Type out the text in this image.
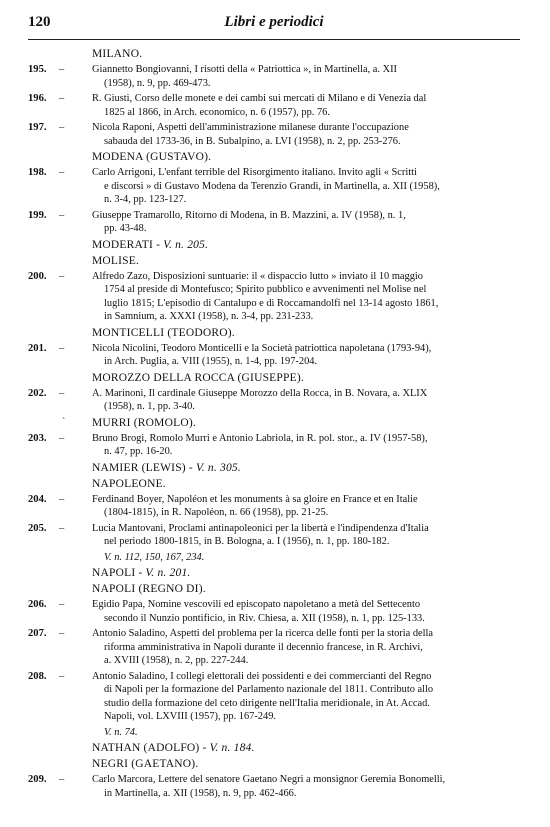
120	Libri e periodici
MILANO.
195. –	Giannetto Bongiovanni, I risotti della « Patriottica », in Martinella, a. XII
(1958), n. 9, pp. 469-473.
196. –	R. Giusti, Corso delle monete e dei cambi sui mercati di Milano e di Venezia dal
1825 al 1866, in Arch. economico, n. 6 (1957), pp. 76.
197. –	Nicola Raponi, Aspetti dell'amministrazione milanese durante l'occupazione
sabauda del 1733-36, in B. Subalpino, a. LVI (1958), n. 2, pp. 253-276.
MODENA (GUSTAVO).
198. –	Carlo Arrigoni, L'enfant terrible del Risorgimento italiano. Invito agli « Scritti
e discorsi » di Gustavo Modena da Terenzio Grandi, in Martinella, a. XII (1958),
n. 3-4, pp. 123-127.
199. –	Giuseppe Tramarollo, Ritorno di Modena, in B. Mazzini, a. IV (1958), n. 1,
pp. 43-48.
MODERATI - V. n. 205.
MOLISE.
200. –	Alfredo Zazo, Disposizioni suntuarie: il « dispaccio lutto » inviato il 10 maggio
1754 al preside di Montefusco; Spirito pubblico e avvenimenti nel Molise nel
luglio 1815; L'episodio di Cantalupo e di Roccamandolfi nel 13-14 agosto 1861,
in Samnium, a. XXXI (1958), n. 3-4, pp. 231-233.
MONTICELLI (TEODORO).
201. –	Nicola Nicolini, Teodoro Monticelli e la Società patriottica napoletana (1793-94),
in Arch. Puglia, a. VIII (1955), n. 1-4, pp. 197-204.
MOROZZO DELLA ROCCA (GIUSEPPE).
202. –	A. Marinoni, Il cardinale Giuseppe Morozzo della Rocca, in B. Novara, a. XLIX
(1958), n. 1, pp. 3-40.
` MURRI (ROMOLO).
203. –	Bruno Brogi, Romolo Murri e Antonio Labriola, in R. pol. stor., a. IV (1957-58),
n. 47, pp. 16-20.
NAMIER (LEWIS) - V. n. 305.
NAPOLEONE.
204. –	Ferdinand Boyer, Napoléon et les monuments à sa gloire en France et en Italie
(1804-1815), in R. Napoléon, n. 66 (1958), pp. 21-25.
205. –	Lucia Mantovani, Proclami antinapoleonici per la libertà e l'indipendenza d'Italia
nel periodo 1800-1815, in B. Bologna, a. I (1956), n. 1, pp. 180-182.
V. n. 112, 150, 167, 234.
NAPOLI - V. n. 201.
NAPOLI (REGNO DI).
206. –	Egidio Papa, Nomine vescovili ed episcopato napoletano a metà del Settecento
secondo il Nunzio pontificio, in Riv. Chiesa, a. XII (1958), n. 1, pp. 125-133.
207. –	Antonio Saladino, Aspetti del problema per la ricerca delle fonti per la storia della
riforma amministrativa in Napoli durante il decennio francese, in R. Archivi,
a. XVIII (1958), n. 2, pp. 227-244.
208. –	Antonio Saladino, I collegi elettorali dei possidenti e dei commercianti del Regno
di Napoli per la formazione del Parlamento nazionale del 1811. Contributo allo
studio della formazione del ceto dirigente nell'Italia meridionale, in At. Accad.
Napoli, vol. LXVIII (1957), pp. 167-249.
V. n. 74.
NATHAN (ADOLFO) - V. n. 184.
NEGRI (GAETANO).
209. –	Carlo Marcora, Lettere del senatore Gaetano Negri a monsignor Geremia Bonomelli,
in Martinella, a. XII (1958), n. 9, pp. 462-466.
